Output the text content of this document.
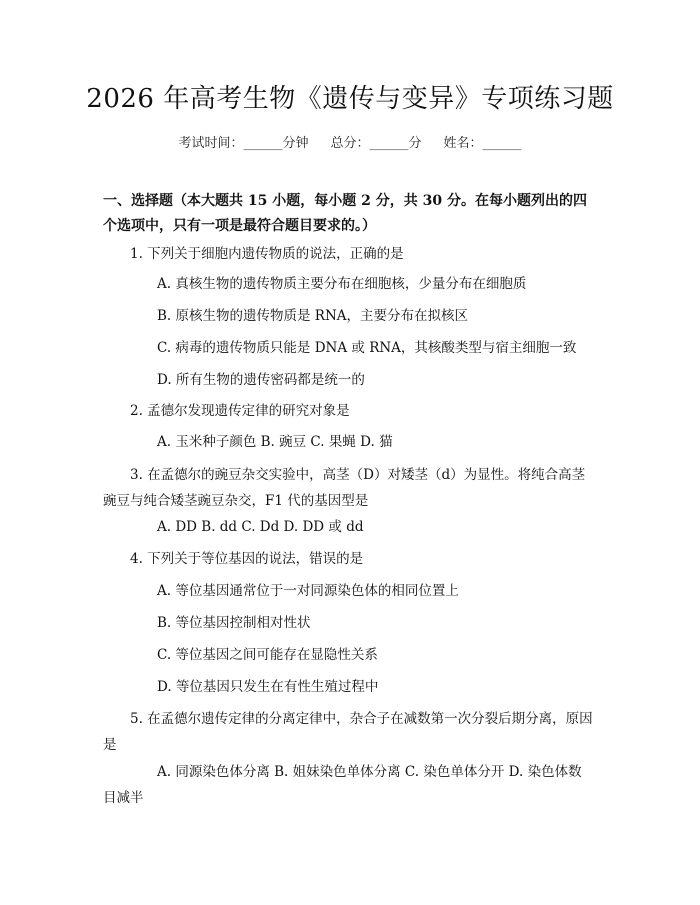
2026 年高考生物《遗传与变异》专项练习题
考试时间：______分钟 总分：______分 姓名：______
一、选择题（本大题共 15 小题，每小题 2 分，共 30 分。在每小题列出的四个选项中，只有一项是最符合题目要求的。）
1. 下列关于细胞内遗传物质的说法，正确的是
A. 真核生物的遗传物质主要分布在细胞核，少量分布在细胞质
B. 原核生物的遗传物质是 RNA，主要分布在拟核区
C. 病毒的遗传物质只能是 DNA 或 RNA，其核酸类型与宿主细胞一致
D. 所有生物的遗传密码都是统一的
2. 孟德尔发现遗传定律的研究对象是
A. 玉米种子颜色 B. 豌豆 C. 果蝇 D. 猫
3. 在孟德尔的豌豆杂交实验中，高茎（D）对矮茎（d）为显性。将纯合高茎豌豆与纯合矮茎豌豆杂交，F1 代的基因型是
A. DD B. dd C. Dd D. DD 或 dd
4. 下列关于等位基因的说法，错误的是
A. 等位基因通常位于一对同源染色体的相同位置上
B. 等位基因控制相对性状
C. 等位基因之间可能存在显隐性关系
D. 等位基因只发生在有性生殖过程中
5. 在孟德尔遗传定律的分离定律中，杂合子在减数第一次分裂后期分离，原因是
A. 同源染色体分离 B. 姐妹染色单体分离 C. 染色单体分开 D. 染色体数目减半
